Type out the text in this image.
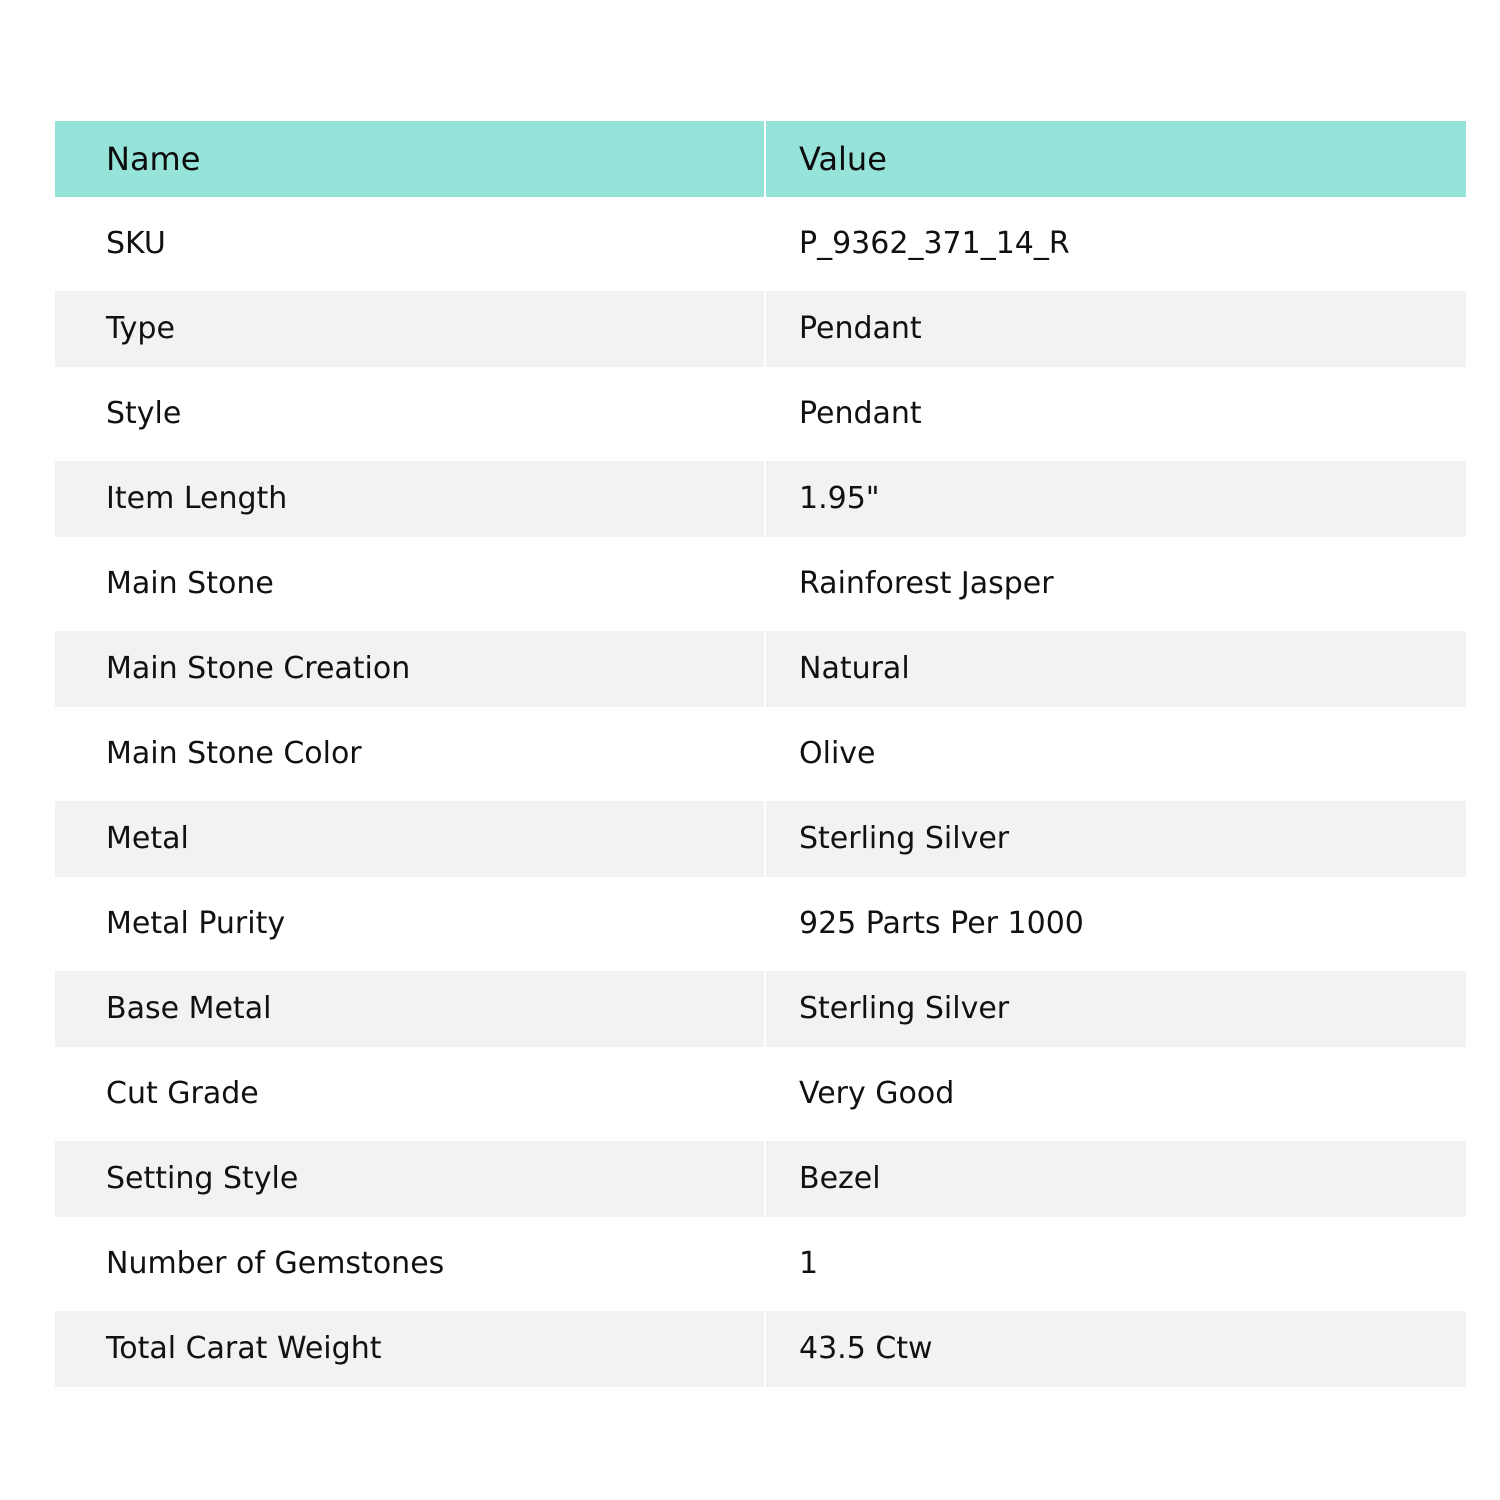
Name	Value
SKU	P_9362_371_14_R
Type	Pendant
Style	Pendant
Item Length	1.95"
Main Stone	Rainforest Jasper
Main Stone Creation	Natural
Main Stone Color	Olive
Metal	Sterling Silver
Metal Purity	925 Parts Per 1000
Base Metal	Sterling Silver
Cut Grade	Very Good
Setting Style	Bezel
Number of Gemstones	1
Total Carat Weight	43.5 Ctw
